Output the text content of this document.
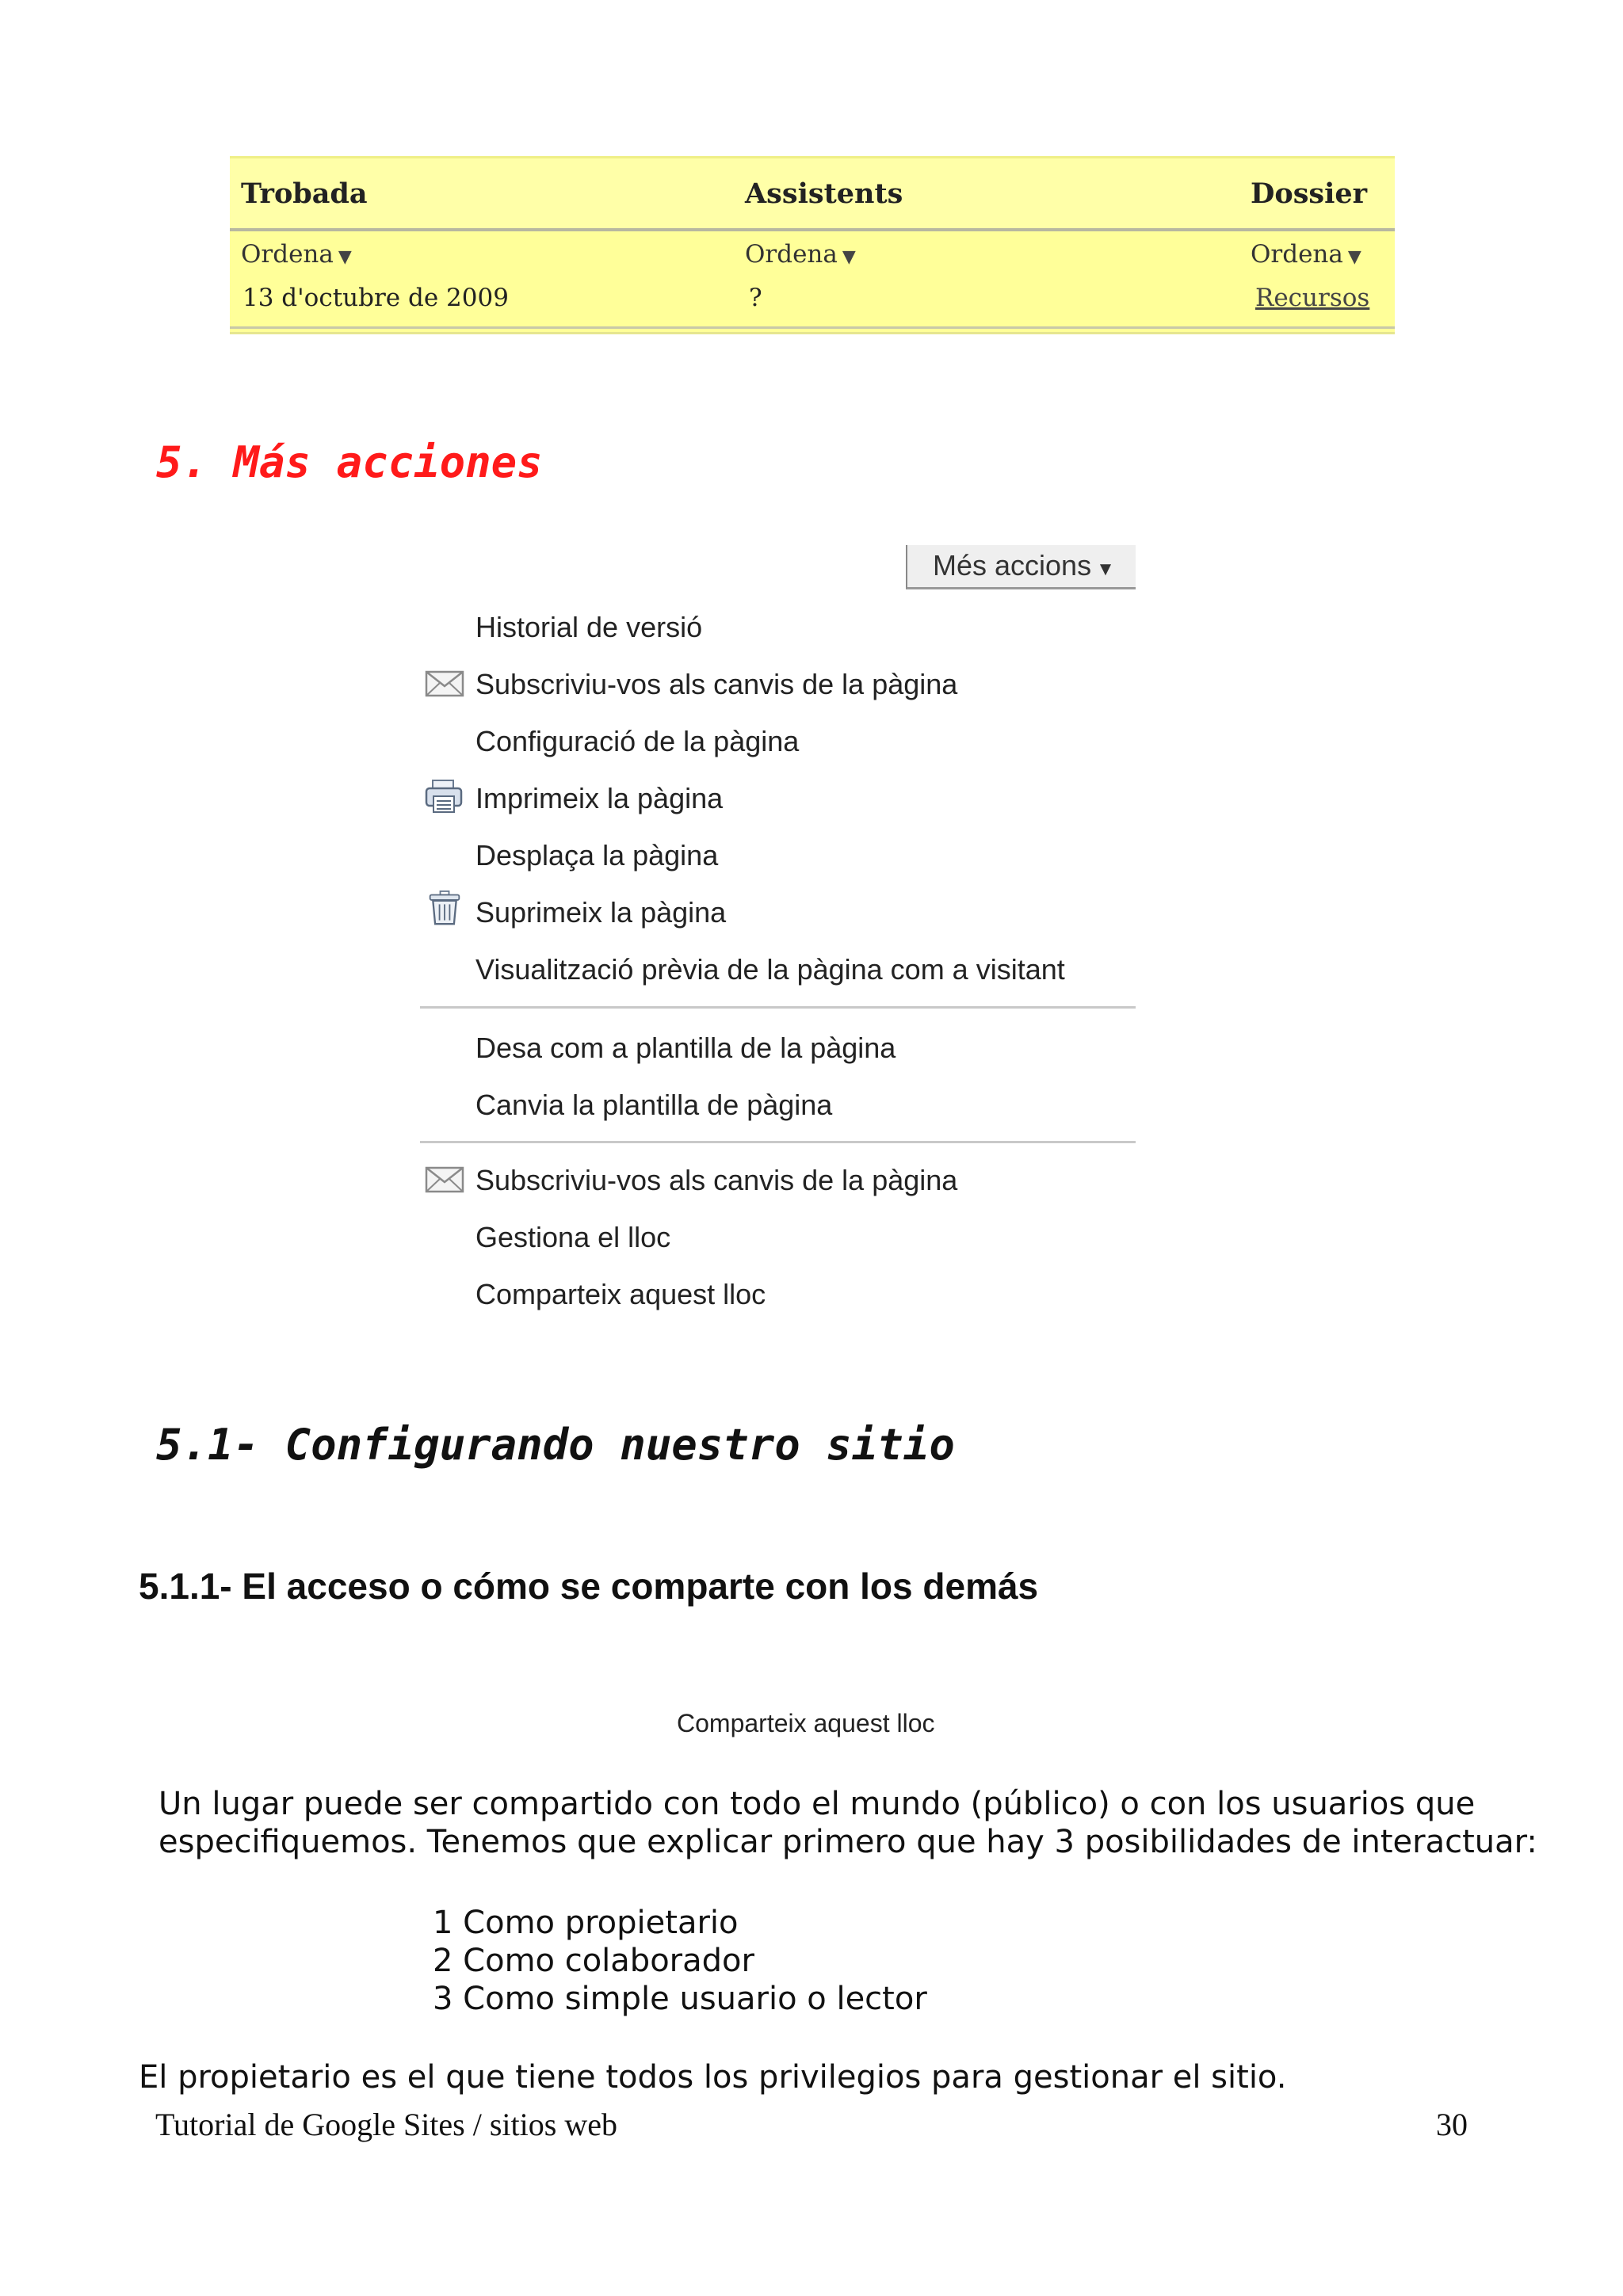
Trobada	Assistents	Dossier
Ordena ▼	Ordena ▼	Ordena ▼
13 d'octubre de 2009	?	Recursos
5. Más acciones
Més accions ▼
Historial de versió
Subscriviu-vos als canvis de la pàgina
Configuració de la pàgina
Imprimeix la pàgina
Desplaça la pàgina
Suprimeix la pàgina
Visualització prèvia de la pàgina com a visitant
Desa com a plantilla de la pàgina
Canvia la plantilla de pàgina
Subscriviu-vos als canvis de la pàgina
Gestiona el lloc
Comparteix aquest lloc
5.1- Configurando nuestro sitio
5.1.1- El acceso o cómo se comparte con los demás
Comparteix aquest lloc
Un lugar puede ser compartido con todo el mundo (público) o con los usuarios que
especifiquemos. Tenemos que explicar primero que hay 3 posibilidades de interactuar:
1 Como propietario
2 Como colaborador
3 Como simple usuario o lector
El propietario es el que tiene todos los privilegios para gestionar el sitio.
Tutorial de Google Sites / sitios web	30
